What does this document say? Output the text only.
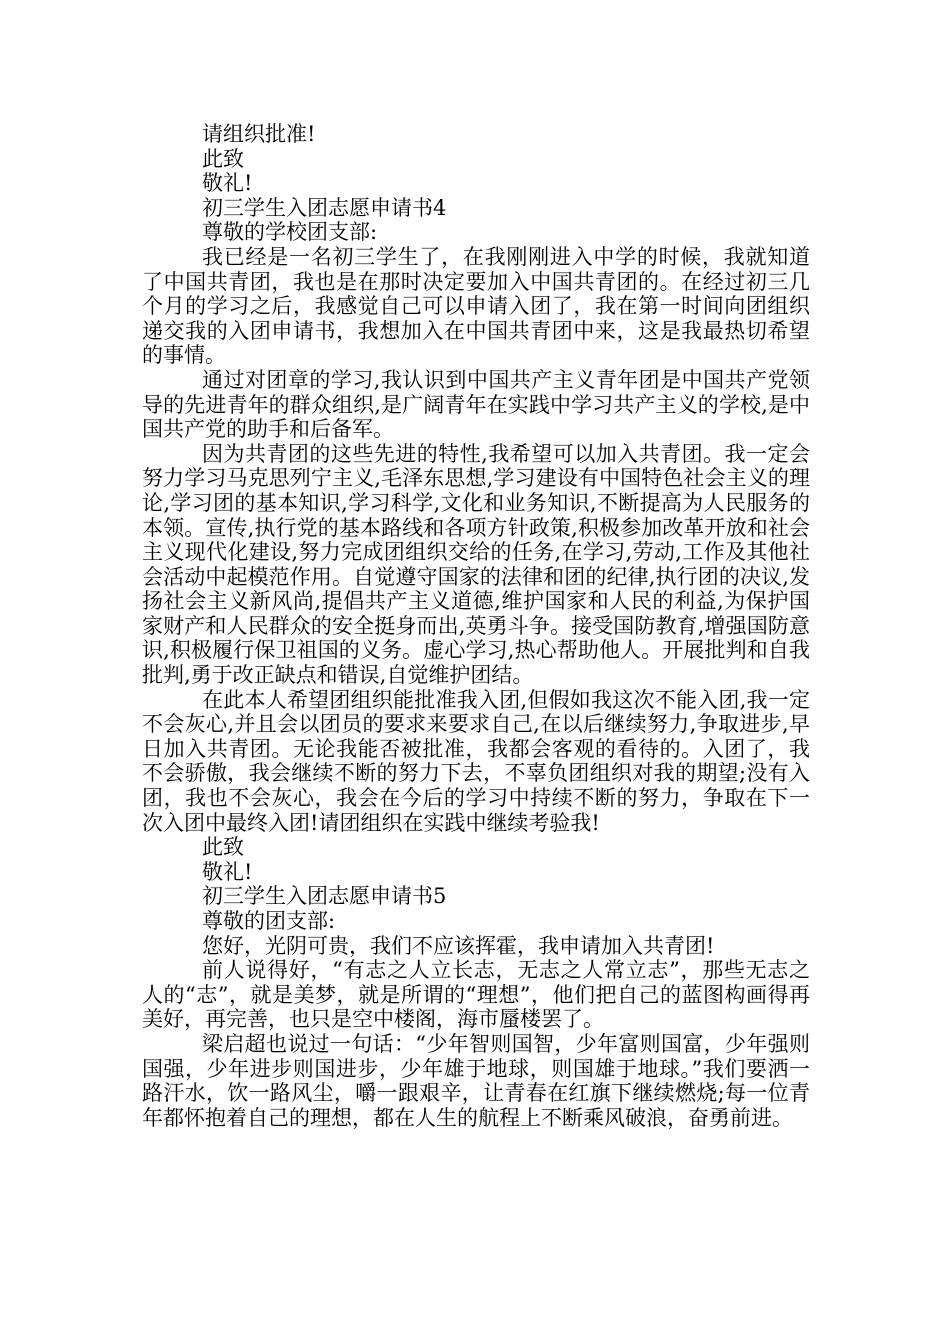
请组织批准!

此致

敬礼!

初三学生入团志愿申请书4

尊敬的学校团支部:

我已经是一名初三学生了，在我刚刚进入中学的时候，我就知道了中国共青团，我也是在那时决定要加入中国共青团的。在经过初三几个月的学习之后，我感觉自己可以申请入团了，我在第一时间向团组织递交我的入团申请书，我想加入在中国共青团中来，这是我最热切希望的事情。

通过对团章的学习,我认识到中国共产主义青年团是中国共产党领导的先进青年的群众组织,是广阔青年在实践中学习共产主义的学校,是中国共产党的助手和后备军。

因为共青团的这些先进的特性,我希望可以加入共青团。我一定会努力学习马克思列宁主义,毛泽东思想,学习建设有中国特色社会主义的理论,学习团的基本知识,学习科学,文化和业务知识,不断提高为人民服务的本领。宣传,执行党的基本路线和各项方针政策,积极参加改革开放和社会主义现代化建设,努力完成团组织交给的任务,在学习,劳动,工作及其他社会活动中起模范作用。自觉遵守国家的法律和团的纪律,执行团的决议,发扬社会主义新风尚,提倡共产主义道德,维护国家和人民的利益,为保护国家财产和人民群众的安全挺身而出,英勇斗争。接受国防教育,增强国防意识,积极履行保卫祖国的义务。虚心学习,热心帮助他人。开展批判和自我批判,勇于改正缺点和错误,自觉维护团结。

在此本人希望团组织能批准我入团,但假如我这次不能入团,我一定不会灰心,并且会以团员的要求来要求自己,在以后继续努力,争取进步,早日加入共青团。无论我能否被批准，我都会客观的看待的。入团了，我不会骄傲，我会继续不断的努力下去，不辜负团组织对我的期望;没有入团，我也不会灰心，我会在今后的学习中持续不断的努力，争取在下一次入团中最终入团!请团组织在实践中继续考验我!

此致

敬礼!

初三学生入团志愿申请书5

尊敬的团支部:

您好，光阴可贵，我们不应该挥霍，我申请加入共青团!

前人说得好，“有志之人立长志，无志之人常立志”，那些无志之人的“志”，就是美梦，就是所谓的“理想”，他们把自己的蓝图构画得再美好，再完善，也只是空中楼阁，海市蜃楼罢了。

梁启超也说过一句话：“少年智则国智，少年富则国富，少年强则国强，少年进步则国进步，少年雄于地球，则国雄于地球。”我们要洒一路汗水，饮一路风尘，嚼一跟艰辛，让青春在红旗下继续燃烧;每一位青年都怀抱着自己的理想，都在人生的航程上不断乘风破浪，奋勇前进。
